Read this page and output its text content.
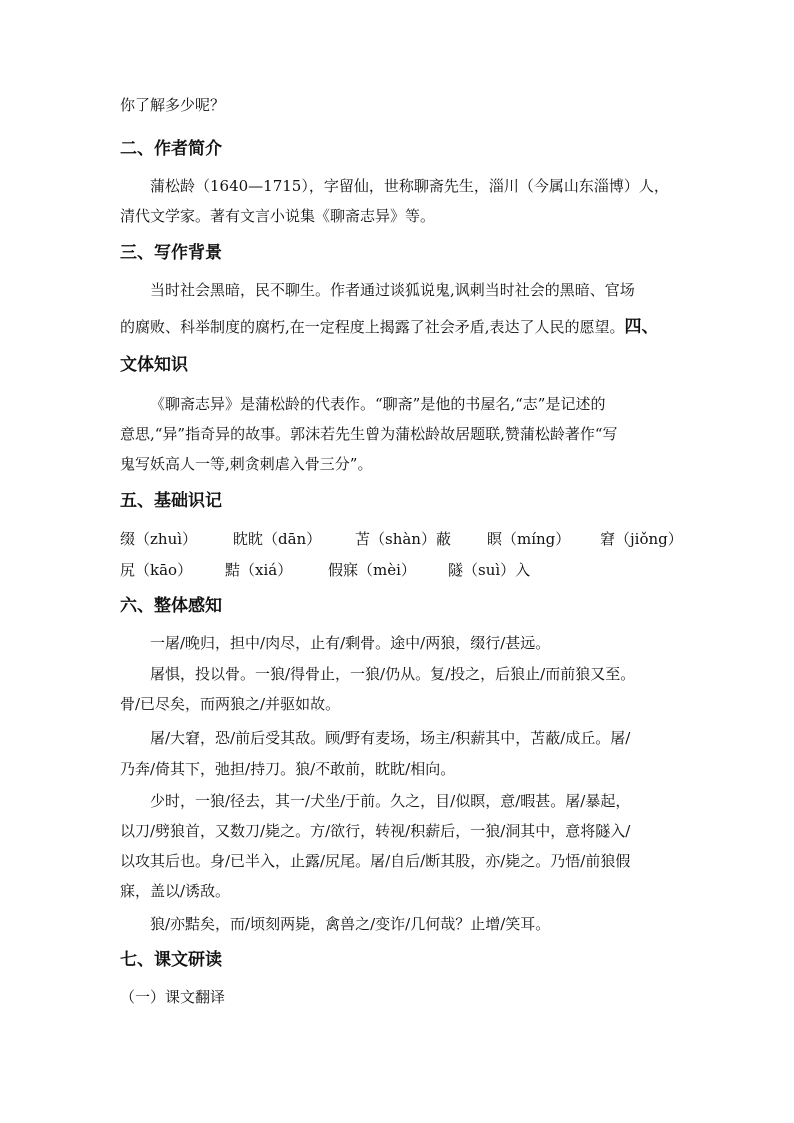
你了解多少呢？
二、作者简介
蒲松龄（1640—1715），字留仙，世称聊斋先生，淄川（今属山东淄博）人，
清代文学家。著有文言小说集《聊斋志异》等。
三、写作背景
当时社会黑暗，民不聊生。作者通过谈狐说鬼,讽刺当时社会的黑暗、官场
的腐败、科举制度的腐朽,在一定程度上揭露了社会矛盾,表达了人民的愿望。四、
文体知识
《聊斋志异》是蒲松龄的代表作。“聊斋”是他的书屋名,“志”是记述的
意思,“异”指奇异的故事。郭沫若先生曾为蒲松龄故居题联,赞蒲松龄著作“写
鬼写妖高人一等,刺贪刺虐入骨三分”。
五、基础识记
缀（zhuì） 眈眈（dān） 苫（shàn）蔽 瞑（míng） 窘（jiǒng）
尻（kāo） 黠（xiá） 假寐（mèi） 隧（suì）入
六、整体感知
一屠/晚归，担中/肉尽，止有/剩骨。途中/两狼，缀行/甚远。
屠惧，投以骨。一狼/得骨止，一狼/仍从。复/投之，后狼止/而前狼又至。
骨/已尽矣，而两狼之/并驱如故。
屠/大窘，恐/前后受其敌。顾/野有麦场，场主/积薪其中，苫蔽/成丘。屠/
乃奔/倚其下，弛担/持刀。狼/不敢前，眈眈/相向。
少时，一狼/径去，其一/犬坐/于前。久之，目/似瞑，意/暇甚。屠/暴起，
以刀/劈狼首，又数刀/毙之。方/欲行，转视/积薪后，一狼/洞其中，意将隧入/
以攻其后也。身/已半入，止露/尻尾。屠/自后/断其股，亦/毙之。乃悟/前狼假
寐，盖以/诱敌。
狼/亦黠矣，而/顷刻两毙，禽兽之/变诈/几何哉？止增/笑耳。
七、课文研读
（一）课文翻译
